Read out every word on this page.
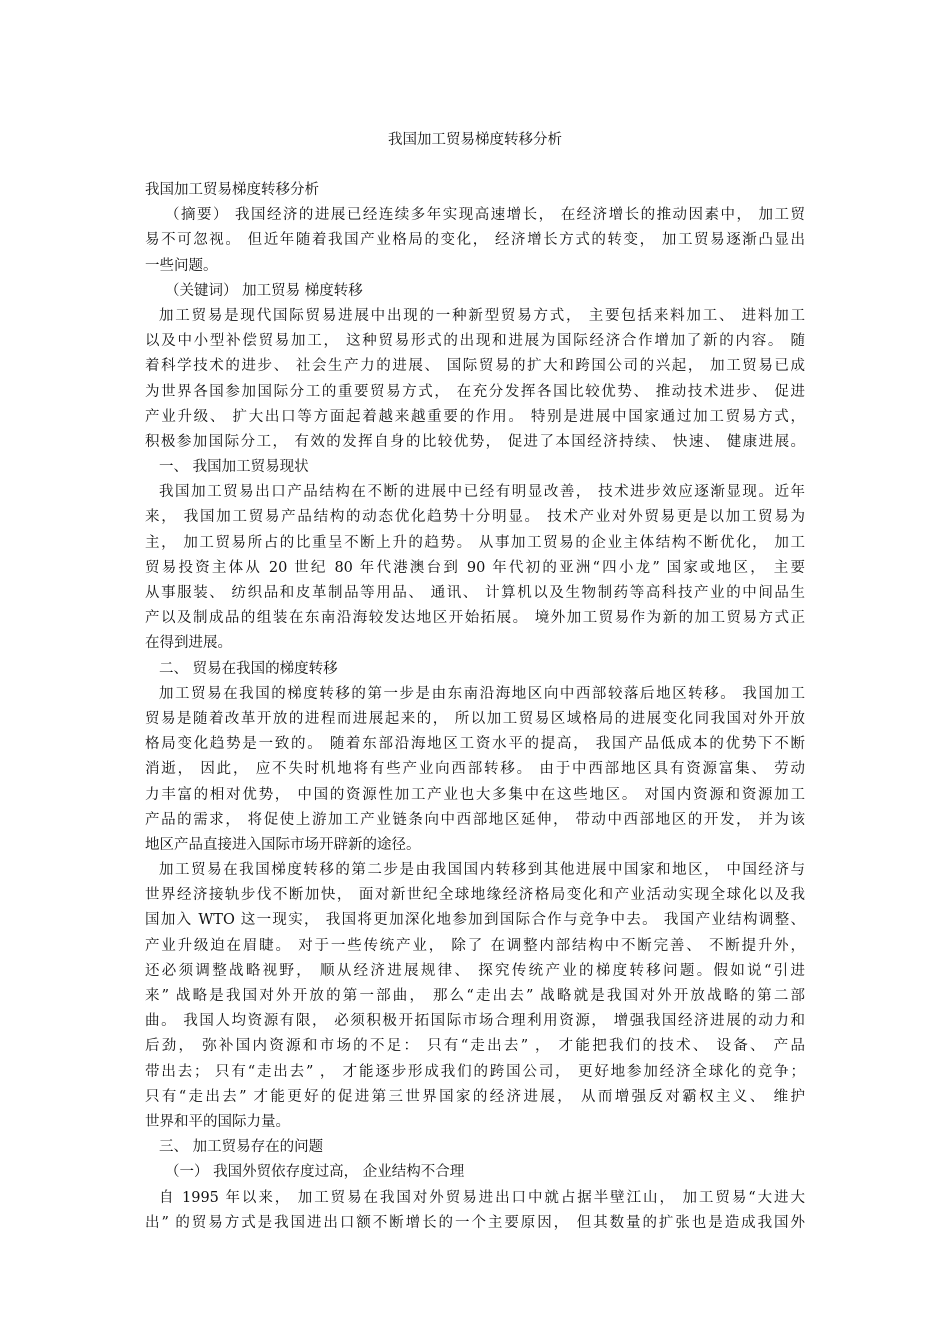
我国加工贸易梯度转移分析
我国加工贸易梯度转移分析
（摘要） 我国经济的进展已经连续多年实现高速增长， 在经济增长的推动因素中， 加工贸
易不可忽视。 但近年随着我国产业格局的变化， 经济增长方式的转变， 加工贸易逐渐凸显出
一些问题。
（关键词） 加工贸易 梯度转移
加工贸易是现代国际贸易进展中出现的一种新型贸易方式， 主要包括来料加工、 进料加工
以及中小型补偿贸易加工， 这种贸易形式的出现和进展为国际经济合作增加了新的内容。 随
着科学技术的进步、 社会生产力的进展、 国际贸易的扩大和跨国公司的兴起， 加工贸易已成
为世界各国参加国际分工的重要贸易方式， 在充分发挥各国比较优势、 推动技术进步、 促进
产业升级、 扩大出口等方面起着越来越重要的作用。 特别是进展中国家通过加工贸易方式，
积极参加国际分工， 有效的发挥自身的比较优势， 促进了本国经济持续、 快速、 健康进展。
一、 我国加工贸易现状
我国加工贸易出口产品结构在不断的进展中已经有明显改善， 技术进步效应逐渐显现。近年
来， 我国加工贸易产品结构的动态优化趋势十分明显。 技术产业对外贸易更是以加工贸易为
主， 加工贸易所占的比重呈不断上升的趋势。 从事加工贸易的企业主体结构不断优化， 加工
贸易投资主体从 20 世纪 80 年代港澳台到 90 年代初的亚洲“四小龙” 国家或地区， 主要
从事服装、 纺织品和皮革制品等用品、 通讯、 计算机以及生物制药等高科技产业的中间品生
产以及制成品的组装在东南沿海较发达地区开始拓展。 境外加工贸易作为新的加工贸易方式正
在得到进展。
二、 贸易在我国的梯度转移
加工贸易在我国的梯度转移的第一步是由东南沿海地区向中西部较落后地区转移。 我国加工
贸易是随着改革开放的进程而进展起来的， 所以加工贸易区域格局的进展变化同我国对外开放
格局变化趋势是一致的。 随着东部沿海地区工资水平的提高， 我国产品低成本的优势下不断
消逝， 因此， 应不失时机地将有些产业向西部转移。 由于中西部地区具有资源富集、 劳动
力丰富的相对优势， 中国的资源性加工产业也大多集中在这些地区。 对国内资源和资源加工
产品的需求， 将促使上游加工产业链条向中西部地区延伸， 带动中西部地区的开发， 并为该
地区产品直接进入国际市场开辟新的途径。
加工贸易在我国梯度转移的第二步是由我国国内转移到其他进展中国家和地区， 中国经济与
世界经济接轨步伐不断加快， 面对新世纪全球地缘经济格局变化和产业活动实现全球化以及我
国加入 WTO 这一现实， 我国将更加深化地参加到国际合作与竞争中去。 我国产业结构调整、
产业升级迫在眉睫。 对于一些传统产业， 除了 在调整内部结构中不断完善、 不断提升外，
还必须调整战略视野， 顺从经济进展规律、 探究传统产业的梯度转移问题。假如说“引进
来” 战略是我国对外开放的第一部曲， 那么“走出去” 战略就是我国对外开放战略的第二部
曲。 我国人均资源有限， 必须积极开拓国际市场合理利用资源， 增强我国经济进展的动力和
后劲， 弥补国内资源和市场的不足： 只有“走出去” ， 才能把我们的技术、 设备、 产品
带出去； 只有“走出去” ， 才能逐步形成我们的跨国公司， 更好地参加经济全球化的竞争；
只有“走出去” 才能更好的促进第三世界国家的经济进展， 从而增强反对霸权主义、 维护
世界和平的国际力量。
三、 加工贸易存在的问题
（一） 我国外贸依存度过高， 企业结构不合理
自 1995 年以来， 加工贸易在我国对外贸易进出口中就占据半壁江山， 加工贸易“大进大
出” 的贸易方式是我国进出口额不断增长的一个主要原因， 但其数量的扩张也是造成我国外
